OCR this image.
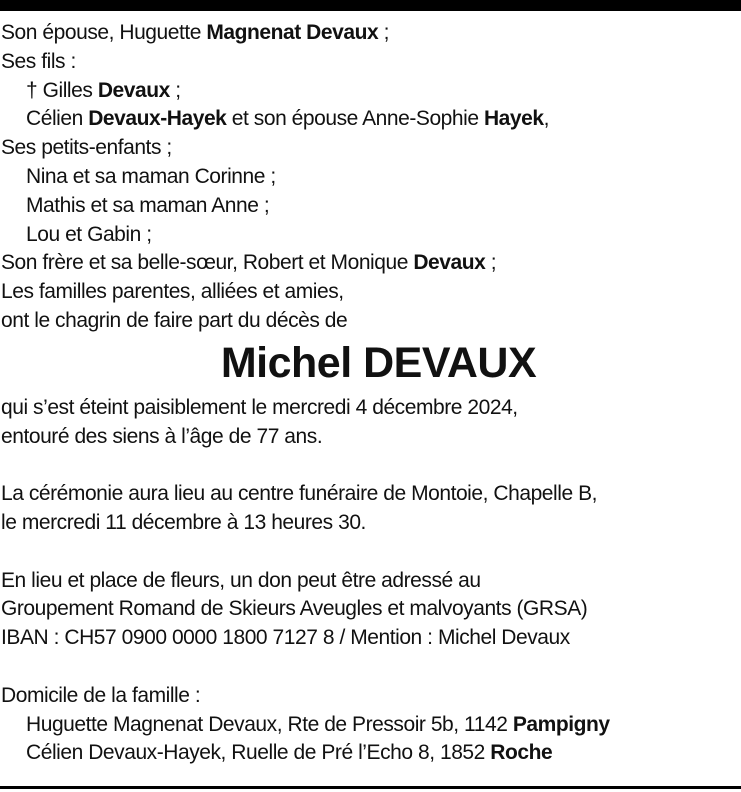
Son épouse, Huguette Magnenat Devaux ;
Ses fils :
† Gilles Devaux ;
Célien Devaux-Hayek et son épouse Anne-Sophie Hayek,
Ses petits-enfants ;
Nina et sa maman Corinne ;
Mathis et sa maman Anne ;
Lou et Gabin ;
Son frère et sa belle-sœur, Robert et Monique Devaux ;
Les familles parentes, alliées et amies,
ont le chagrin de faire part du décès de
Michel DEVAUX
qui s’est éteint paisiblement le mercredi 4 décembre 2024,
entouré des siens à l’âge de 77 ans.
La cérémonie aura lieu au centre funéraire de Montoie, Chapelle B,
le mercredi 11 décembre à 13 heures 30.
En lieu et place de fleurs, un don peut être adressé au
Groupement Romand de Skieurs Aveugles et malvoyants (GRSA)
IBAN : CH57 0900 0000 1800 7127 8 / Mention : Michel Devaux
Domicile de la famille :
Huguette Magnenat Devaux, Rte de Pressoir 5b, 1142 Pampigny
Célien Devaux-Hayek, Ruelle de Pré l’Echo 8, 1852 Roche
